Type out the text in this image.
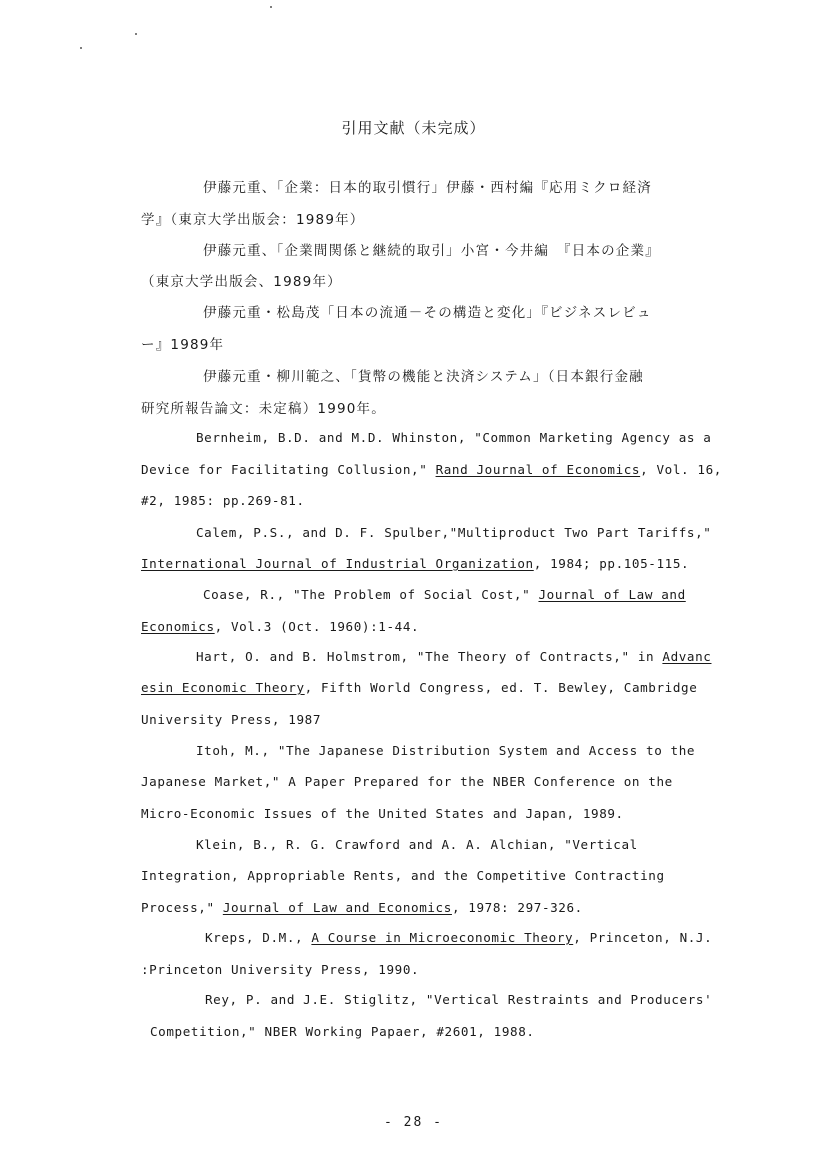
引用文献（未完成）
伊藤元重、「企業：日本的取引慣行」伊藤・西村編『応用ミクロ経済
学』（東京大学出版会：1989年）
伊藤元重、「企業間関係と継続的取引」小宮・今井編　『日本の企業』
（東京大学出版会、1989年）
伊藤元重・松島茂「日本の流通－その構造と変化」『ビジネスレビュ
ー』1989年
伊藤元重・柳川範之、「貨幣の機能と決済システム」（日本銀行金融
研究所報告論文：未定稿）1990年。
Bernheim, B.D. and M.D. Whinston, "Common Marketing Agency as a
Device for Facilitating Collusion," Rand Journal of Economics, Vol. 16,
#2, 1985: pp.269-81.
Calem, P.S., and D. F. Spulber,"Multiproduct Two Part Tariffs,"
International Journal of Industrial Organization, 1984; pp.105-115.
Coase, R., "The Problem of Social Cost," Journal of Law and
Economics, Vol.3 (Oct. 1960):1-44.
Hart, O. and B. Holmstrom, "The Theory of Contracts," in Advanc
esin Economic Theory, Fifth World Congress, ed. T. Bewley, Cambridge
University Press, 1987
Itoh, M., "The Japanese Distribution System and Access to the
Japanese Market," A Paper Prepared for the NBER Conference on the
Micro-Economic Issues of the United States and Japan, 1989.
Klein, B., R. G. Crawford and A. A. Alchian, "Vertical
Integration, Appropriable Rents, and the Competitive Contracting
Process," Journal of Law and Economics, 1978: 297-326.
Kreps, D.M., A Course in Microeconomic Theory, Princeton, N.J.
:Princeton University Press, 1990.
Rey, P. and J.E. Stiglitz, "Vertical Restraints and Producers'
Competition," NBER Working Papaer, #2601, 1988.
- 28 -
